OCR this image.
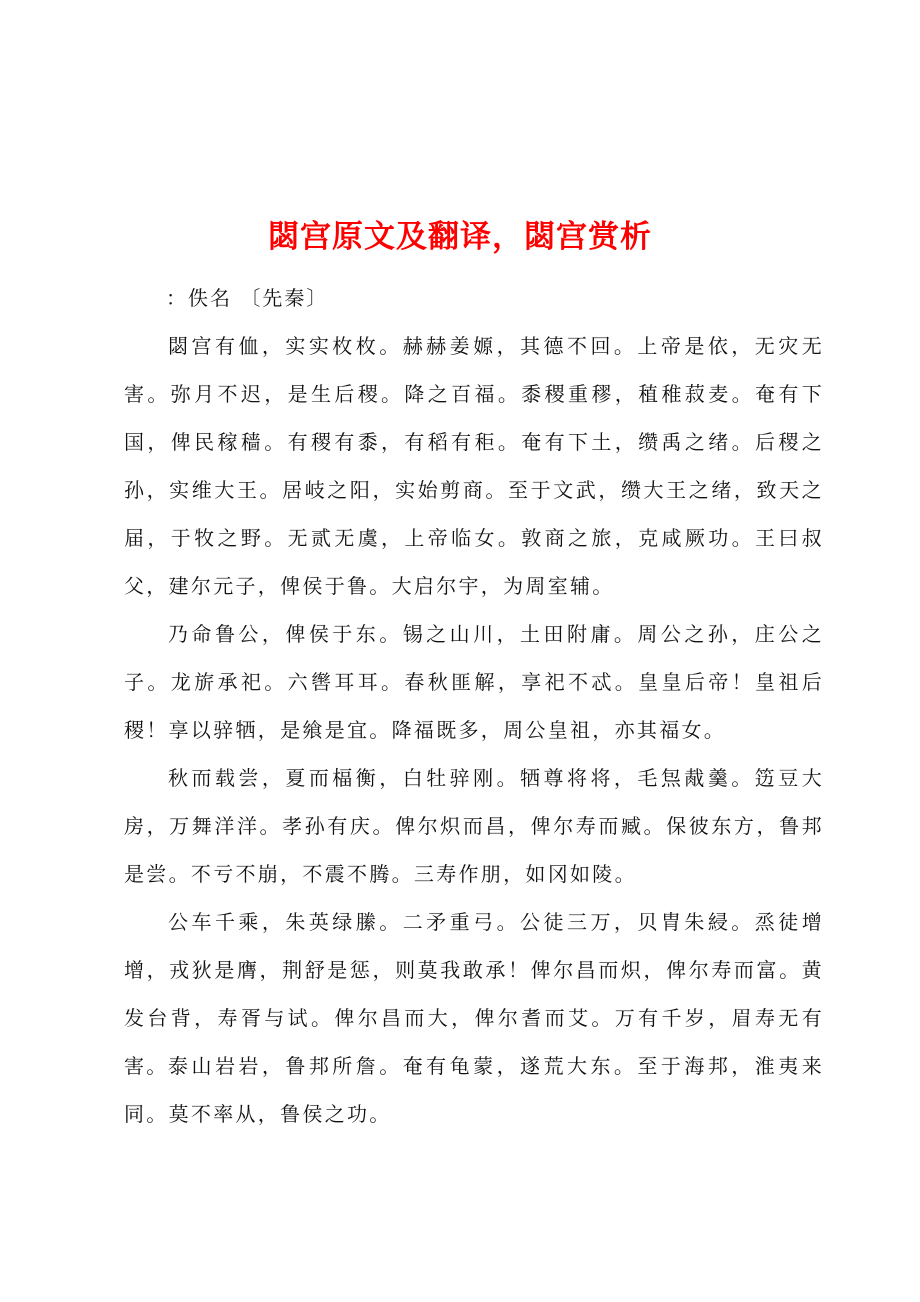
閟宫原文及翻译，閟宫赏析
：佚名 〔先秦〕

閟宫有侐，实实枚枚。赫赫姜嫄，其德不回。上帝是依，无灾无害。弥月不迟，是生后稷。降之百福。黍稷重穋，稙稚菽麦。奄有下国，俾民稼穑。有稷有黍，有稻有秬。奄有下土，缵禹之绪。后稷之孙，实维大王。居岐之阳，实始剪商。至于文武，缵大王之绪，致天之届，于牧之野。无贰无虞，上帝临女。敦商之旅，克咸厥功。王曰叔父，建尔元子，俾侯于鲁。大启尔宇，为周室辅。

乃命鲁公，俾侯于东。锡之山川，土田附庸。周公之孙，庄公之子。龙旂承祀。六辔耳耳。春秋匪解，享祀不忒。皇皇后帝！皇祖后稷！享以骍牺，是飨是宜。降福既多，周公皇祖，亦其福女。

秋而载尝，夏而楅衡，白牡骍刚。牺尊将将，毛炰胾羹。笾豆大房，万舞洋洋。孝孙有庆。俾尔炽而昌，俾尔寿而臧。保彼东方，鲁邦是尝。不亏不崩，不震不腾。三寿作朋，如冈如陵。

公车千乘，朱英绿縢。二矛重弓。公徒三万，贝胄朱綅。烝徒增增，戎狄是膺，荆舒是惩，则莫我敢承！俾尔昌而炽，俾尔寿而富。黄发台背，寿胥与试。俾尔昌而大，俾尔耆而艾。万有千岁，眉寿无有害。 泰山岩岩，鲁邦所詹。奄有龟蒙，遂荒大东。至于海邦，淮夷来同。莫不率从，鲁侯之功。
